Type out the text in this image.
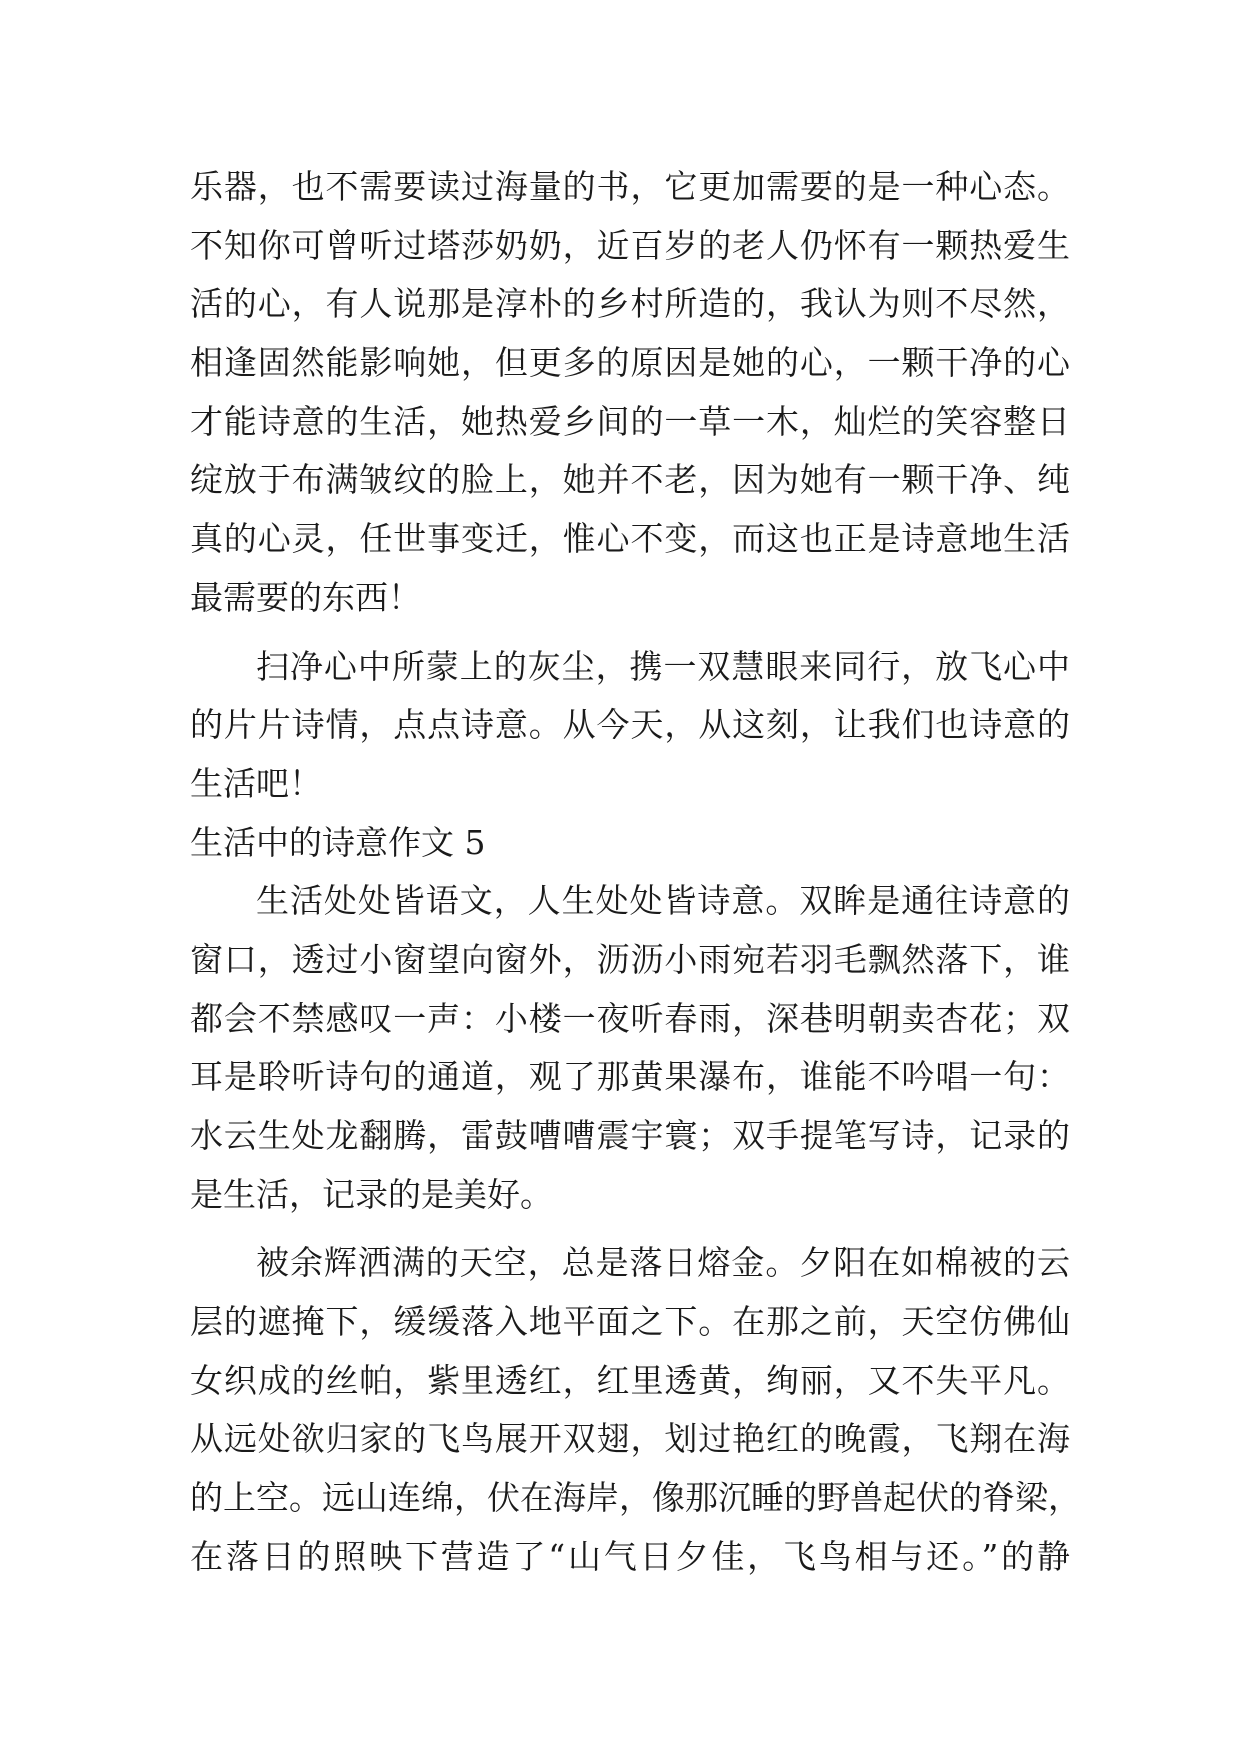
乐器，也不需要读过海量的书，它更加需要的是一种心态。
不知你可曾听过塔莎奶奶，近百岁的老人仍怀有一颗热爱生
活的心，有人说那是淳朴的乡村所造的，我认为则不尽然，
相逢固然能影响她，但更多的原因是她的心，一颗干净的心
才能诗意的生活，她热爱乡间的一草一木，灿烂的笑容整日
绽放于布满皱纹的脸上，她并不老，因为她有一颗干净、纯
真的心灵，任世事变迁，惟心不变，而这也正是诗意地生活
最需要的东西！
扫净心中所蒙上的灰尘，携一双慧眼来同行，放飞心中
的片片诗情，点点诗意。从今天，从这刻，让我们也诗意的
生活吧！
生活中的诗意作文 5
生活处处皆语文，人生处处皆诗意。双眸是通往诗意的
窗口，透过小窗望向窗外，沥沥小雨宛若羽毛飘然落下，谁
都会不禁感叹一声：小楼一夜听春雨，深巷明朝卖杏花；双
耳是聆听诗句的通道，观了那黄果瀑布，谁能不吟唱一句：
水云生处龙翻腾，雷鼓嘈嘈震宇寰；双手提笔写诗，记录的
是生活，记录的是美好。
被余辉洒满的天空，总是落日熔金。夕阳在如棉被的云
层的遮掩下，缓缓落入地平面之下。在那之前，天空仿佛仙
女织成的丝帕，紫里透红，红里透黄，绚丽，又不失平凡。
从远处欲归家的飞鸟展开双翅，划过艳红的晚霞，飞翔在海
的上空。远山连绵，伏在海岸，像那沉睡的野兽起伏的脊梁，
在落日的照映下营造了“山气日夕佳，飞鸟相与还。”的静
